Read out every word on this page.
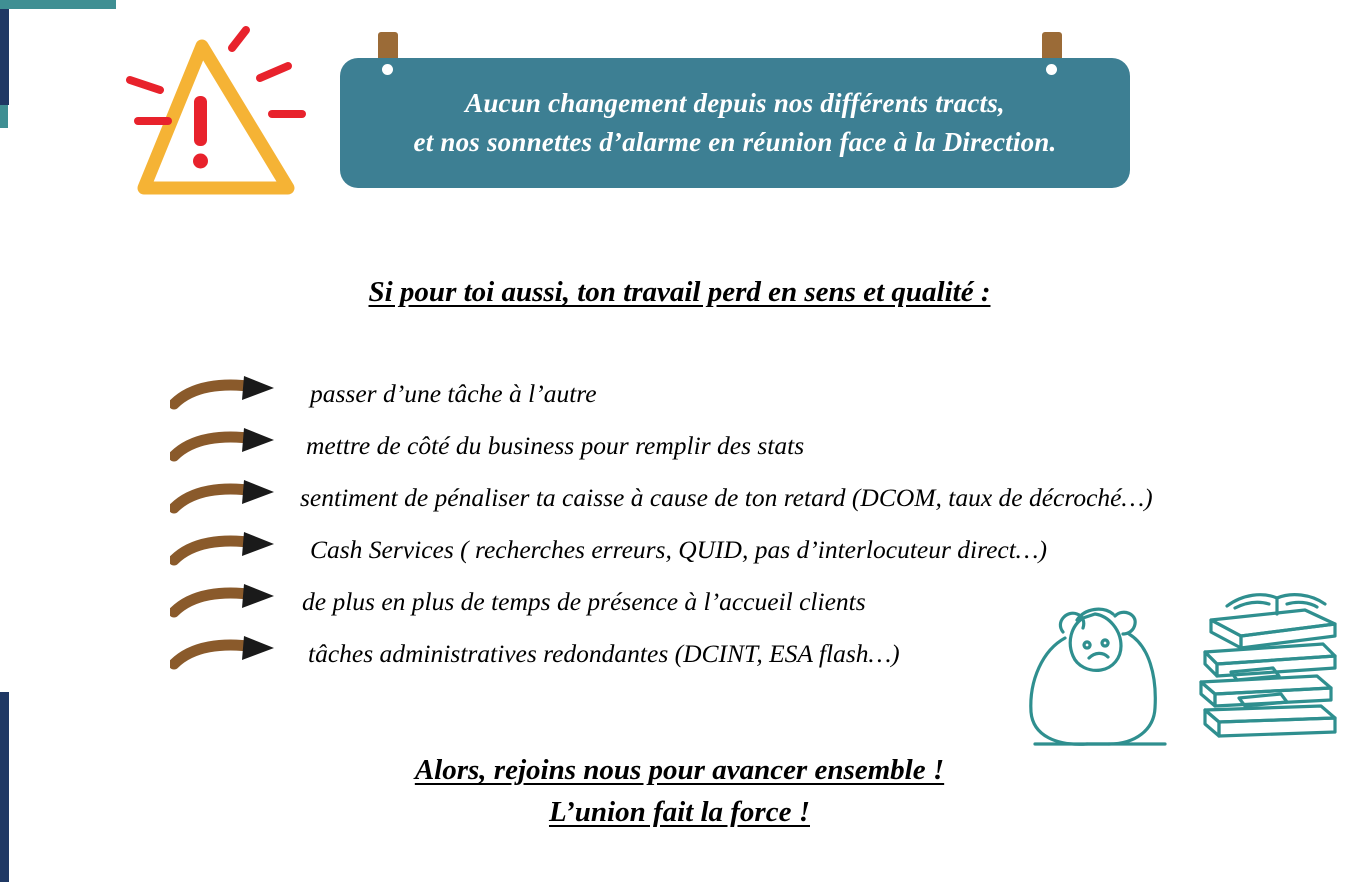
Aucun changement depuis nos différents tracts,
et nos sonnettes d’alarme en réunion face à la Direction.
Si pour toi aussi, ton travail perd en sens et qualité :
passer d’une tâche à l’autre
mettre de côté du business pour remplir des stats
sentiment de pénaliser ta caisse à cause de ton retard (DCOM, taux de décroché…)
Cash Services ( recherches erreurs, QUID, pas d’interlocuteur direct…)
de plus en plus de temps de présence à l’accueil clients
tâches administratives redondantes (DCINT, ESA flash…)
Alors, rejoins nous pour avancer ensemble !
L’union fait la force !
